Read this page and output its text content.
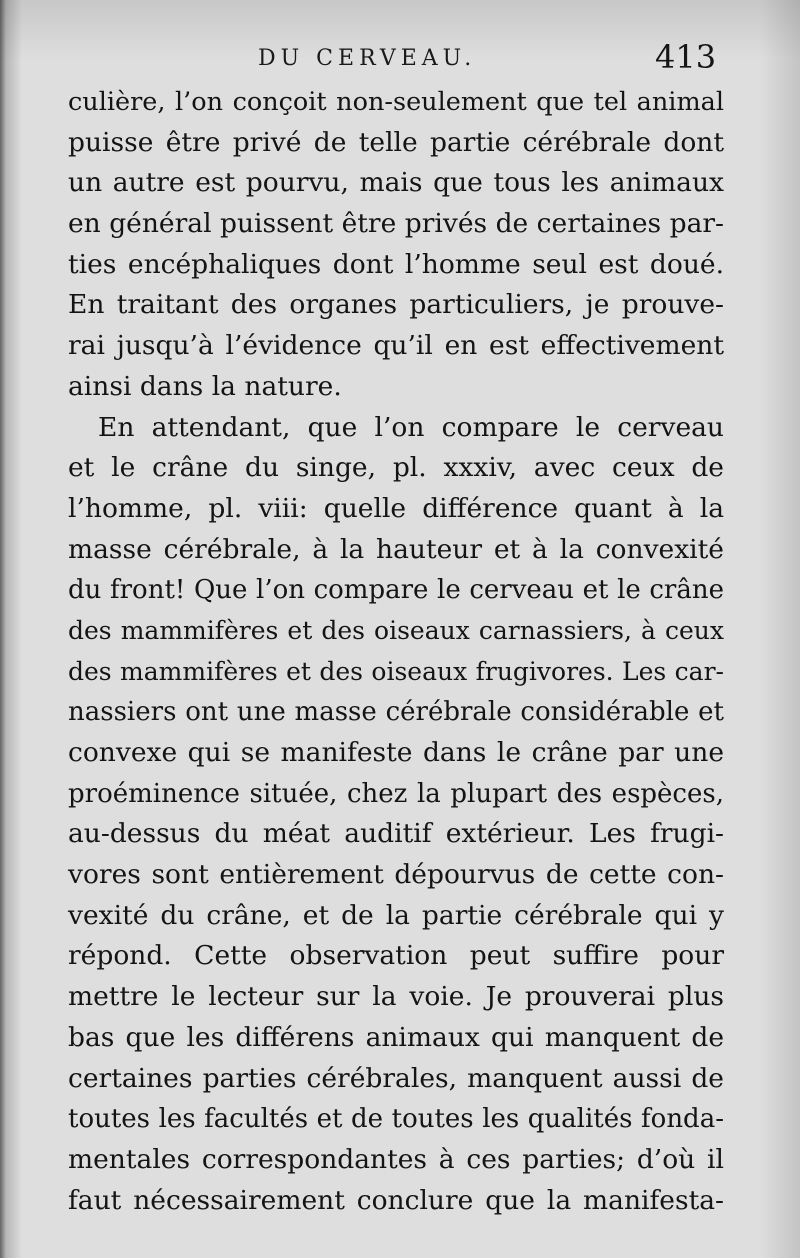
DU CERVEAU.	413
culière, l’on conçoit non-seulement que tel animal
puisse être privé de telle partie cérébrale dont
un autre est pourvu, mais que tous les animaux
en général puissent être privés de certaines par-
ties encéphaliques dont l’homme seul est doué.
En traitant des organes particuliers, je prouve-
rai jusqu’à l’évidence qu’il en est effectivement
ainsi dans la nature.
En attendant, que l’on compare le cerveau
et le crâne du singe, pl. xxxiv, avec ceux de
l’homme, pl. viii: quelle différence quant à la
masse cérébrale, à la hauteur et à la convexité
du front! Que l’on compare le cerveau et le crâne
des mammifères et des oiseaux carnassiers, à ceux
des mammifères et des oiseaux frugivores. Les car-
nassiers ont une masse cérébrale considérable et
convexe qui se manifeste dans le crâne par une
proéminence située, chez la plupart des espèces,
au-dessus du méat auditif extérieur. Les frugi-
vores sont entièrement dépourvus de cette con-
vexité du crâne, et de la partie cérébrale qui y
répond. Cette observation peut suffire pour
mettre le lecteur sur la voie. Je prouverai plus
bas que les différens animaux qui manquent de
certaines parties cérébrales, manquent aussi de
toutes les facultés et de toutes les qualités fonda-
mentales correspondantes à ces parties; d’où il
faut nécessairement conclure que la manifesta-
